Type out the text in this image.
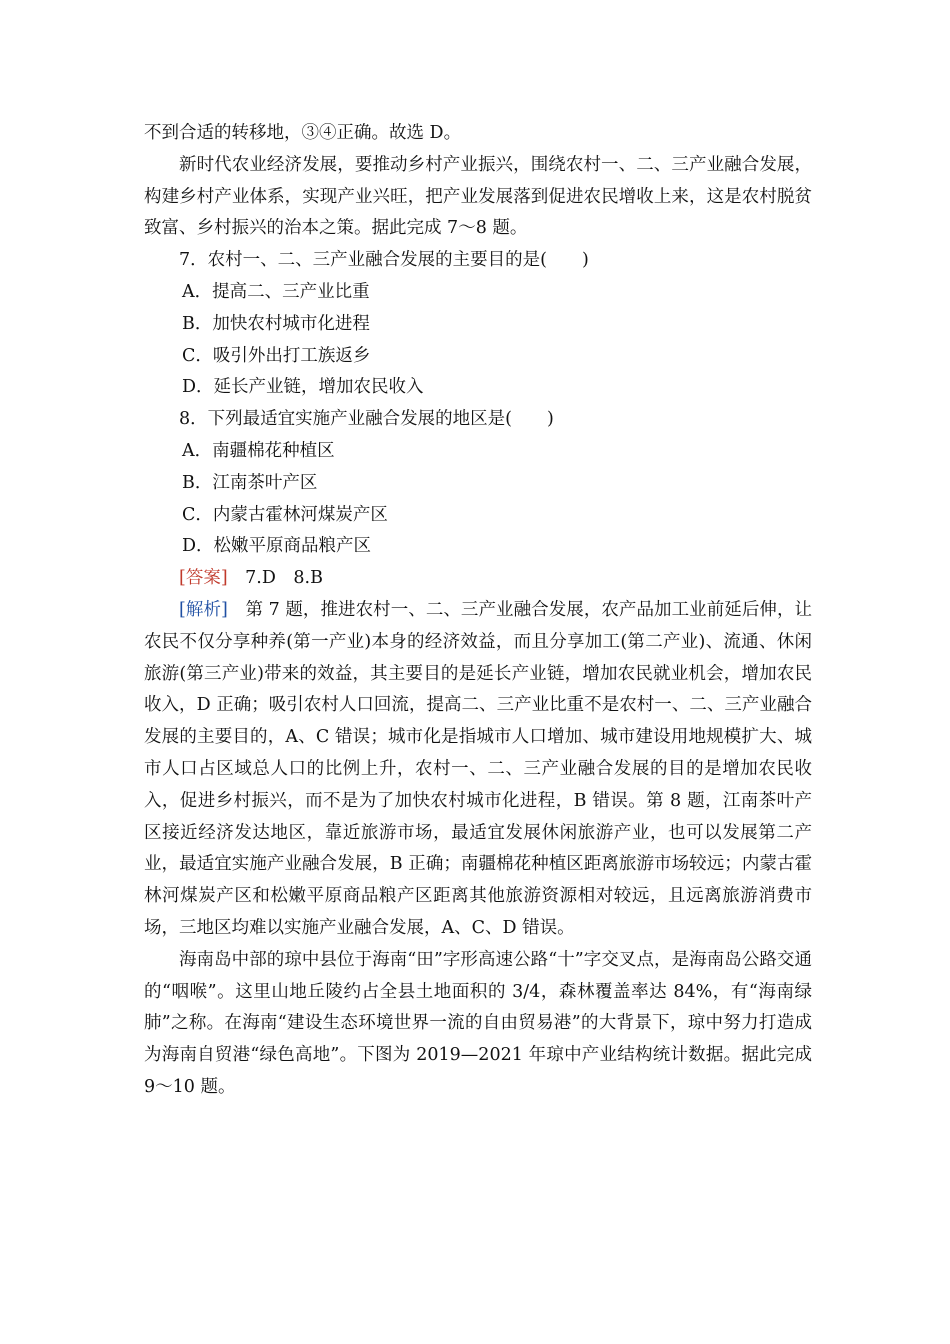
不到合适的转移地，③④正确。故选 D。

新时代农业经济发展，要推动乡村产业振兴，围绕农村一、二、三产业融合发展，构建乡村产业体系，实现产业兴旺，把产业发展落到促进农民增收上来，这是农村脱贫致富、乡村振兴的治本之策。据此完成 7～8 题。

7．农村一、二、三产业融合发展的主要目的是(　　)

A．提高二、三产业比重

B．加快农村城市化进程

C．吸引外出打工族返乡

D．延长产业链，增加农民收入

8．下列最适宜实施产业融合发展的地区是(　　)

A．南疆棉花种植区

B．江南茶叶产区

C．内蒙古霍林河煤炭产区

D．松嫩平原商品粮产区

[答案]　7.D　8.B

[解析]　第 7 题，推进农村一、二、三产业融合发展，农产品加工业前延后伸，让农民不仅分享种养(第一产业)本身的经济效益，而且分享加工(第二产业)、流通、休闲旅游(第三产业)带来的效益，其主要目的是延长产业链，增加农民就业机会，增加农民收入，D 正确；吸引农村人口回流，提高二、三产业比重不是农村一、二、三产业融合发展的主要目的，A、C 错误；城市化是指城市人口增加、城市建设用地规模扩大、城市人口占区域总人口的比例上升，农村一、二、三产业融合发展的目的是增加农民收入，促进乡村振兴，而不是为了加快农村城市化进程，B 错误。第 8 题，江南茶叶产区接近经济发达地区，靠近旅游市场，最适宜发展休闲旅游产业，也可以发展第二产业，最适宜实施产业融合发展，B 正确；南疆棉花种植区距离旅游市场较远；内蒙古霍林河煤炭产区和松嫩平原商品粮产区距离其他旅游资源相对较远，且远离旅游消费市场，三地区均难以实施产业融合发展，A、C、D 错误。

海南岛中部的琼中县位于海南“田”字形高速公路“十”字交叉点，是海南岛公路交通的“咽喉”。这里山地丘陵约占全县土地面积的 3/4，森林覆盖率达 84%，有“海南绿肺”之称。在海南“建设生态环境世界一流的自由贸易港”的大背景下，琼中努力打造成为海南自贸港“绿色高地”。下图为 2019—2021 年琼中产业结构统计数据。据此完成 9～10 题。
